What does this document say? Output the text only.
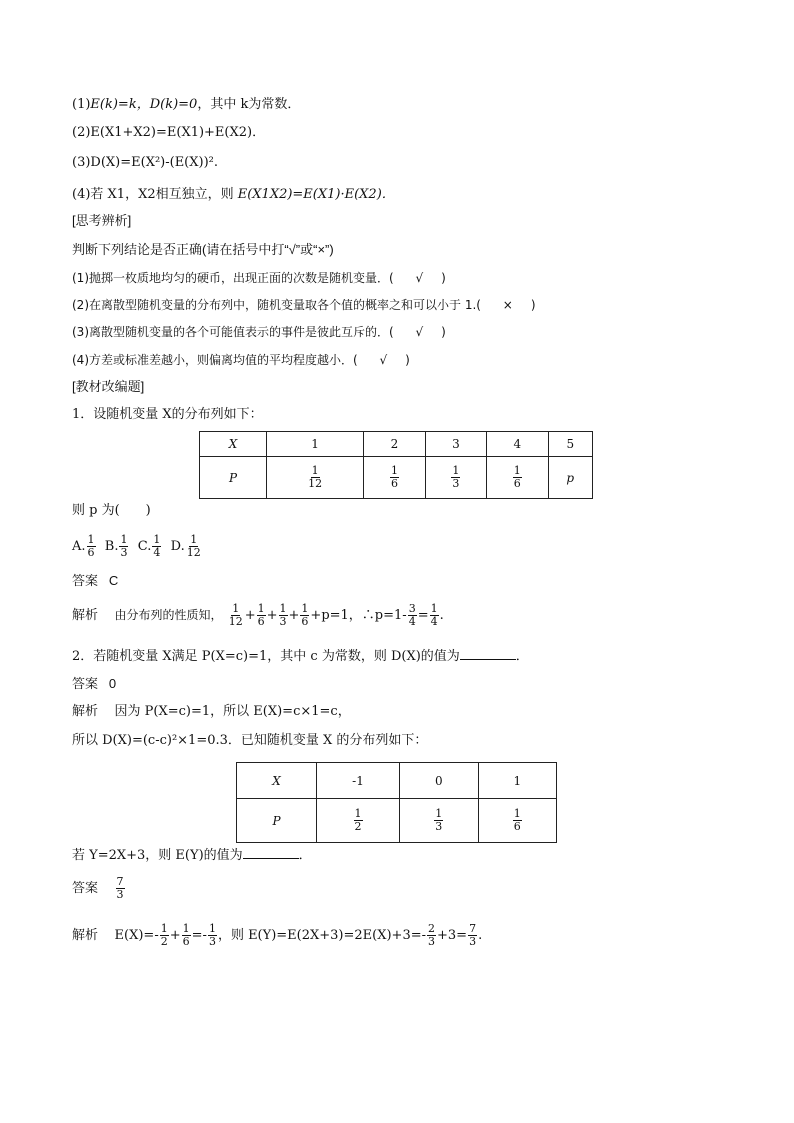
(1)E(k)=k，D(k)=0，其中 k为常数．
(2)E(X1+X2)=E(X1)+E(X2)．
(3)D(X)=E(X²)-(E(X))².
(4)若 X1，X2相互独立，则 E(X1X2)=E(X1)·E(X2)．
[思考辨析]
判断下列结论是否正确(请在括号中打“√”或“×”)
(1)抛掷一枚质地均匀的硬币，出现正面的次数是随机变量．( √ )
(2)在离散型随机变量的分布列中，随机变量取各个值的概率之和可以小于 1.( × )
(3)离散型随机变量的各个可能值表示的事件是彼此互斥的．( √ )
(4)方差或标准差越小，则偏离均值的平均程度越小．( √ )
[教材改编题]
1．设随机变量 X的分布列如下：
X	1	2	3	4	5
P	$\frac{1}{12}$	$\frac{1}{6}$	$\frac{1}{3}$	$\frac{1}{6}$	p
则 p 为(　　)
A. $\frac{1}{6} B$. $\frac{1}{3} C$. $\frac{1}{4} D$. $\frac{1}{12}$
答案 C
解析 由分布列的性质知， $\frac{1}{12} + \frac{1}{6} + \frac{1}{3} + \frac{1}{6} +p=1$，∴p=1- $\frac{3}{4} = \frac{1}{4}$ .
2．若随机变量 X满足 P(X=c)=1，其中 c 为常数，则 D(X)的值为	．
答案 0
解析 因为 P(X=c)=1，所以 E(X)=c×1=c，
所以 D(X)=(c-c)²×1=0.3．已知随机变量 X 的分布列如下：
X	-1	0	1
P	$\frac{1}{2}$	$\frac{1}{3}$	$\frac{1}{6}$
若 Y=2X+3，则 E(Y)的值为	．
答案 $\frac{7}{3}$
解析 $E(X)=- \frac{1}{2} + \frac{1}{6} =- \frac{1}{3}$ ，则 $E(Y)=E(2X+3)=2E(X)+3=- \frac{2}{3} +3= \frac{7}{3}$ .
